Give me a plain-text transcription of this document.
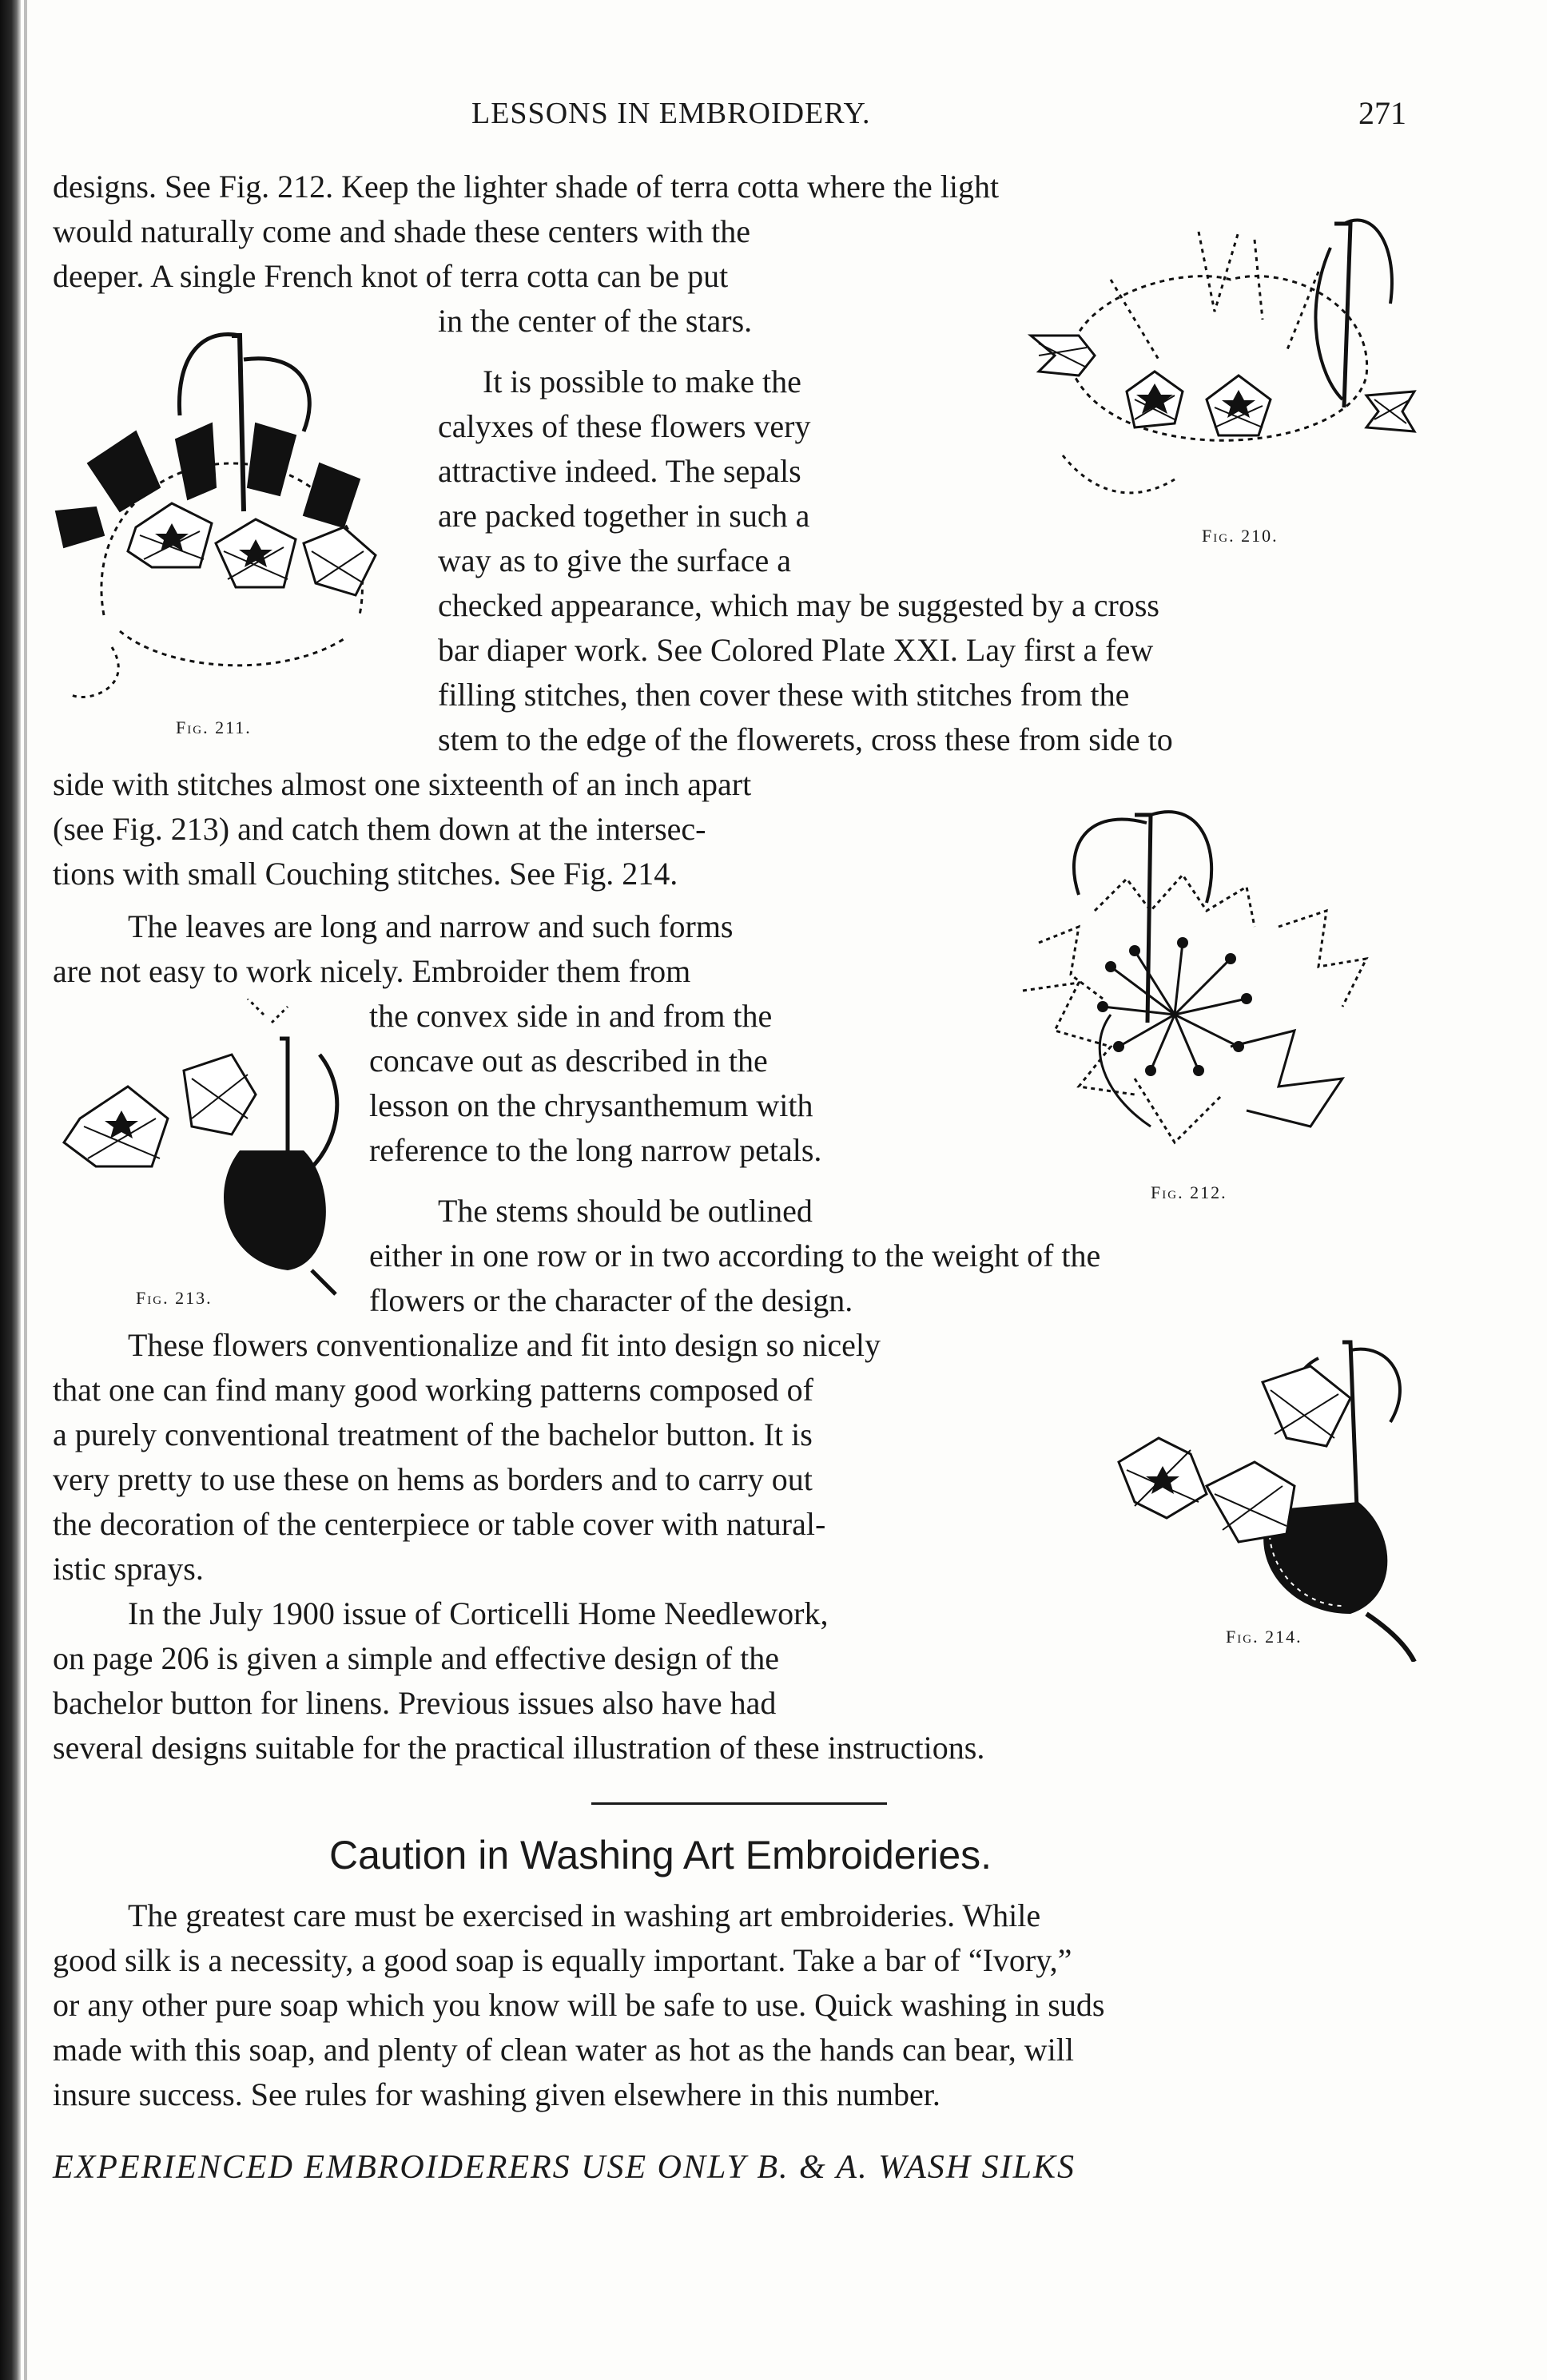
LESSONS IN EMBROIDERY.	271
designs. See Fig. 212. Keep the lighter shade of terra cotta where the light
would naturally come and shade these centers with the
deeper. A single French knot of terra cotta can be put
in the center of the stars.
It is possible to make the
calyxes of these flowers very
attractive indeed. The sepals
are packed together in such a
way as to give the surface a
checked appearance, which may be suggested by a cross
bar diaper work. See Colored Plate XXI. Lay first a few
filling stitches, then cover these with stitches from the
stem to the edge of the flowerets, cross these from side to
side with stitches almost one sixteenth of an inch apart
(see Fig. 213) and catch them down at the intersec-
tions with small Couching stitches. See Fig. 214.
The leaves are long and narrow and such forms
are not easy to work nicely. Embroider them from
the convex side in and from the
concave out as described in the
lesson on the chrysanthemum with
reference to the long narrow petals.
The stems should be outlined
either in one row or in two according to the weight of the
flowers or the character of the design.
These flowers conventionalize and fit into design so nicely
that one can find many good working patterns composed of
a purely conventional treatment of the bachelor button. It is
very pretty to use these on hems as borders and to carry out
the decoration of the centerpiece or table cover with natural-
istic sprays.
In the July 1900 issue of Corticelli Home Needlework,
on page 206 is given a simple and effective design of the
bachelor button for linens. Previous issues also have had
several designs suitable for the practical illustration of these instructions.
Caution in Washing Art Embroideries.
The greatest care must be exercised in washing art embroideries. While
good silk is a necessity, a good soap is equally important. Take a bar of “Ivory,”
or any other pure soap which you know will be safe to use. Quick washing in suds
made with this soap, and plenty of clean water as hot as the hands can bear, will
insure success. See rules for washing given elsewhere in this number.
EXPERIENCED EMBROIDERERS USE ONLY B. & A. WASH SILKS
Fig. 210.
Fig. 211.
Fig. 212.
Fig. 213.
Fig. 214.
